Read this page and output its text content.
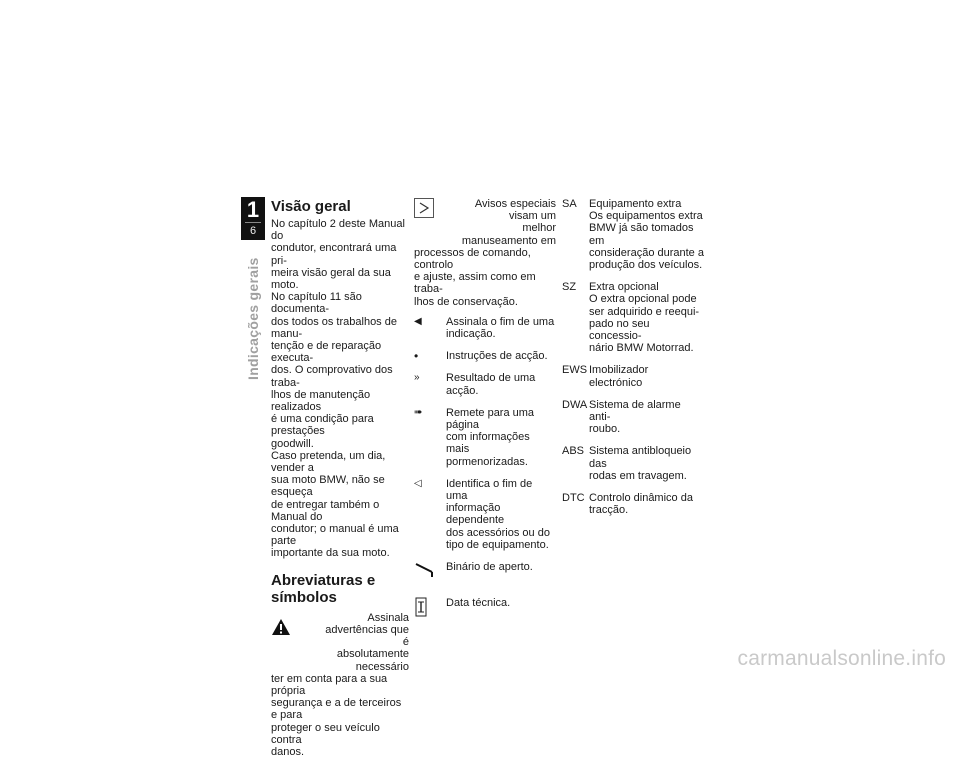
1
6
Indicações gerais
Visão geral

No capítulo 2 deste Manual do
condutor, encontrará uma pri-
meira visão geral da sua moto.
No capítulo 11 são documenta-
dos todos os trabalhos de manu-
tenção e de reparação executa-
dos. O comprovativo dos traba-
lhos de manutenção realizados
é uma condição para prestações
goodwill.
Caso pretenda, um dia, vender a
sua moto BMW, não se esqueça
de entregar também o Manual do
condutor; o manual é uma parte
importante da sua moto.

Abreviaturas e
símbolos

Assinala advertências que é
absolutamente necessário

ter em conta para a sua própria
segurança e a de terceiros e para
proteger o seu veículo contra
danos.

Avisos especiais visam um
melhor manuseamento em

processos de comando, controlo
e ajuste, assim como em traba-
lhos de conservação.

◀	Assinala o fim de uma
indicação.
•	Instruções de acção.
»	Resultado de uma acção.
➠	Remete para uma página
com informações mais
pormenorizadas.
◁	Identifica o fim de uma
informação dependente
dos acessórios ou do
tipo de equipamento.
Binário de aperto.
Data técnica.
SA	Equipamento extra
Os equipamentos extra
BMW já são tomados em
consideração durante a
produção dos veículos.
SZ	Extra opcional
O extra opcional pode
ser adquirido e reequi-
pado no seu concessio-
nário BMW Motorrad.
EWS Imobilizador electrónico
DWA Sistema de alarme anti-
roubo.
ABS Sistema antibloqueio das
rodas em travagem.
DTC Controlo dinâmico da
tracção.
carmanualsonline.info
